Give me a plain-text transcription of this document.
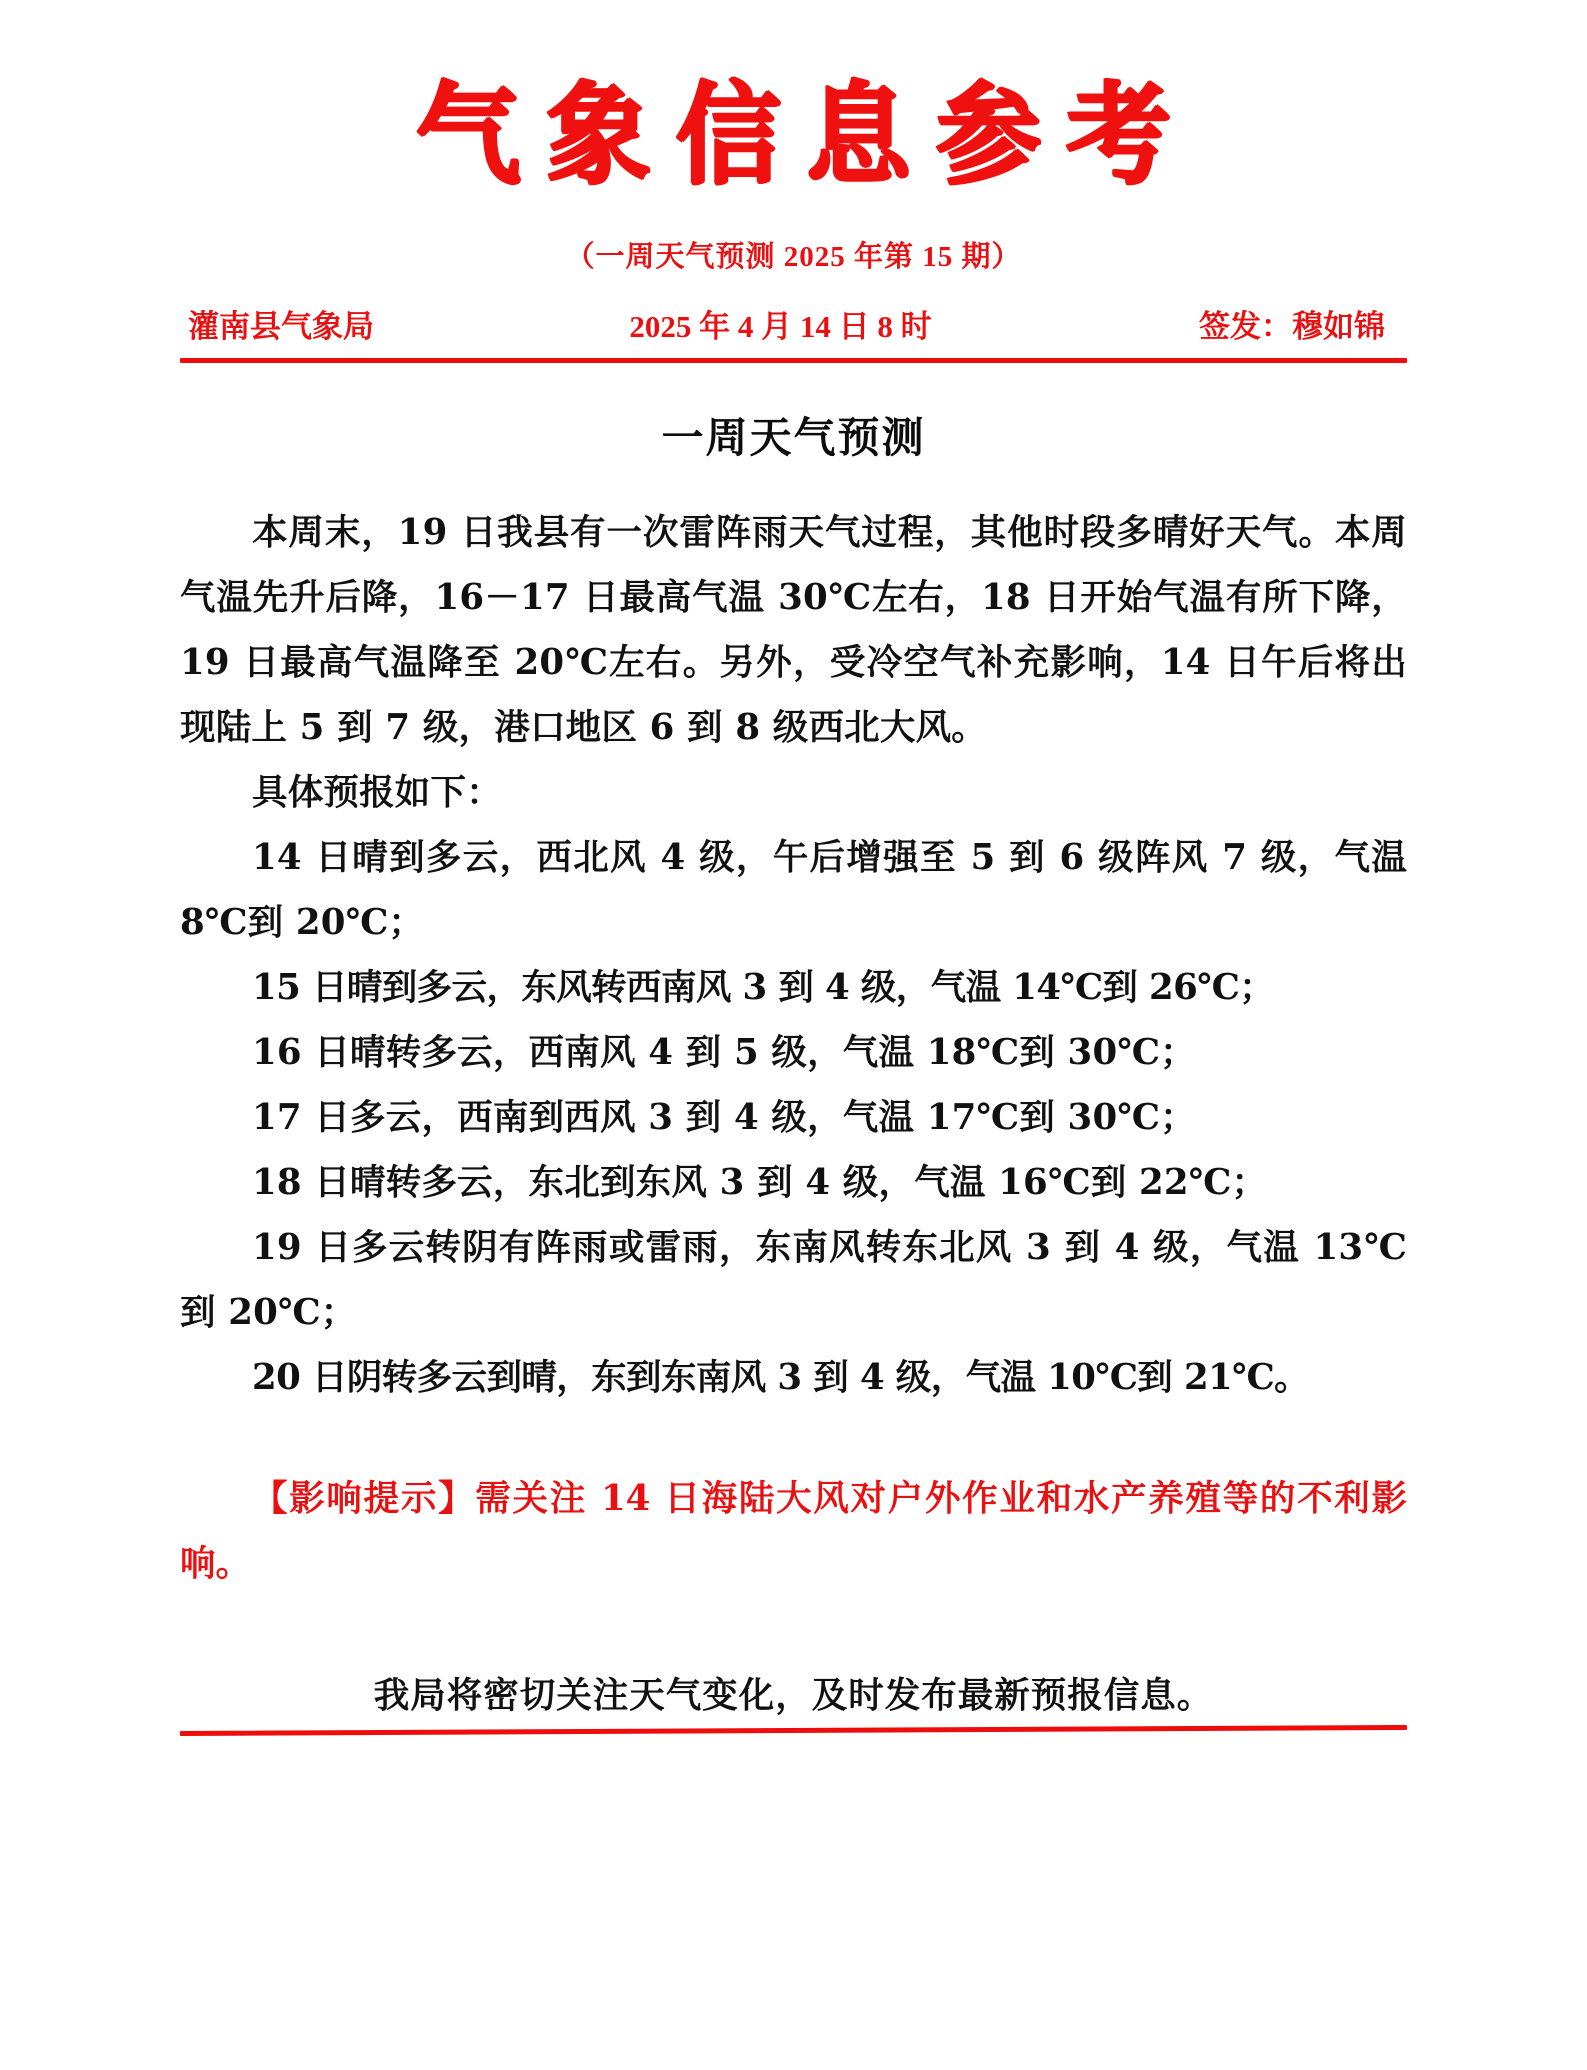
气象信息参考
（一周天气预测 2025 年第 15 期）
灌南县气象局	2025 年 4 月 14 日 8 时	签发：穆如锦
一周天气预测

本周末，19 日我县有一次雷阵雨天气过程，其他时段多晴好天气。本周气温先升后降，16－17 日最高气温 30℃左右，18 日开始气温有所下降，19 日最高气温降至 20℃左右。另外，受冷空气补充影响，14 日午后将出现陆上 5 到 7 级，港口地区 6 到 8 级西北大风。

具体预报如下：

14 日晴到多云，西北风 4 级，午后增强至 5 到 6 级阵风 7 级，气温 8℃到 20℃；

15 日晴到多云，东风转西南风 3 到 4 级，气温 14℃到 26℃；

16 日晴转多云，西南风 4 到 5 级，气温 18℃到 30℃；

17 日多云，西南到西风 3 到 4 级，气温 17℃到 30℃；

18 日晴转多云，东北到东风 3 到 4 级，气温 16℃到 22℃；

19 日多云转阴有阵雨或雷雨，东南风转东北风 3 到 4 级，气温 13℃到 20℃；

20 日阴转多云到晴，东到东南风 3 到 4 级，气温 10℃到 21℃。

【影响提示】需关注 14 日海陆大风对户外作业和水产养殖等的不利影响。
我局将密切关注天气变化，及时发布最新预报信息。
